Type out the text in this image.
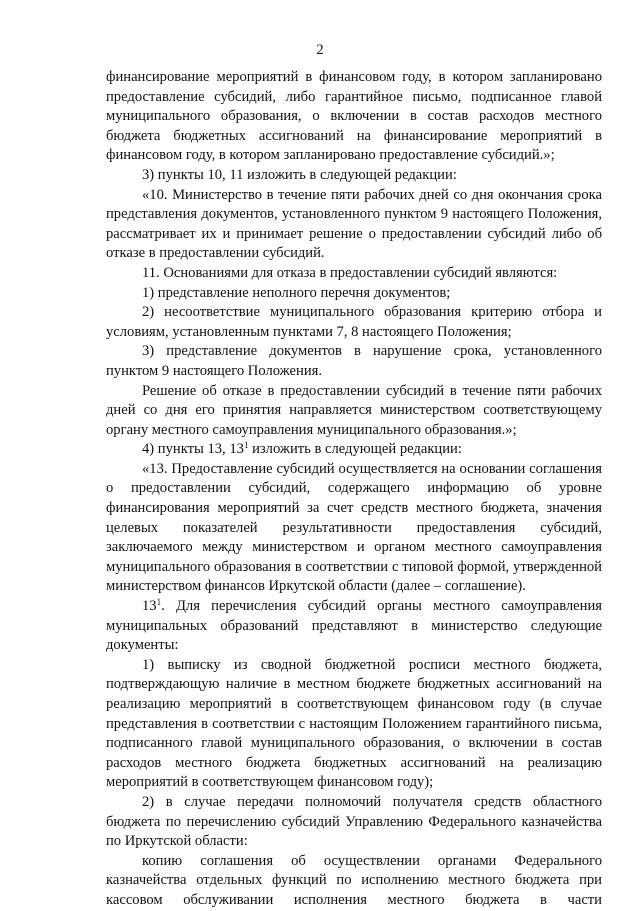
2

финансирование мероприятий в финансовом году, в котором запланировано предоставление субсидий, либо гарантийное письмо, подписанное главой муниципального образования, о включении в состав расходов местного бюджета бюджетных ассигнований на финансирование мероприятий в финансовом году, в котором запланировано предоставление субсидий.»;

3) пункты 10, 11 изложить в следующей редакции:

«10. Министерство в течение пяти рабочих дней со дня окончания срока представления документов, установленного пунктом 9 настоящего Положения, рассматривает их и принимает решение о предоставлении субсидий либо об отказе в предоставлении субсидий.

11. Основаниями для отказа в предоставлении субсидий являются:

1) представление неполного перечня документов;

2) несоответствие муниципального образования критерию отбора и условиям, установленным пунктами 7, 8 настоящего Положения;

3) представление документов в нарушение срока, установленного пунктом 9 настоящего Положения.

Решение об отказе в предоставлении субсидий в течение пяти рабочих дней со дня его принятия направляется министерством соответствующему органу местного самоуправления муниципального образования.»;

4) пункты 13, $13^1$ изложить в следующей редакции:

«13. Предоставление субсидий осуществляется на основании соглашения о предоставлении субсидий, содержащего информацию об уровне финансирования мероприятий за счет средств местного бюджета, значения целевых показателей результативности предоставления субсидий, заключаемого между министерством и органом местного самоуправления муниципального образования в соответствии с типовой формой, утвержденной министерством финансов Иркутской области (далее – соглашение).

$13^1$. Для перечисления субсидий органы местного самоуправления муниципальных образований представляют в министерство следующие документы:

1) выписку из сводной бюджетной росписи местного бюджета, подтверждающую наличие в местном бюджете бюджетных ассигнований на реализацию мероприятий в соответствующем финансовом году (в случае представления в соответствии с настоящим Положением гарантийного письма, подписанного главой муниципального образования, о включении в состав расходов местного бюджета бюджетных ассигнований на реализацию мероприятий в соответствующем финансовом году);

2) в случае передачи полномочий получателя средств областного бюджета по перечислению субсидий Управлению Федерального казначейства по Иркутской области:

копию соглашения об осуществлении органами Федерального казначейства отдельных функций по исполнению местного бюджета при кассовом обслуживании исполнения местного бюджета в части
